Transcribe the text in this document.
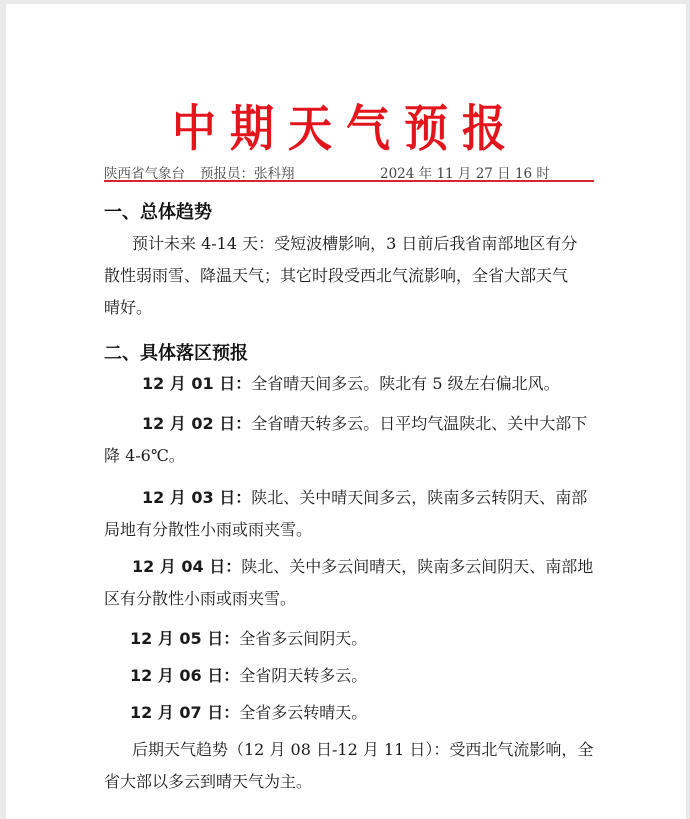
中期天气预报
陕西省气象台 预报员：张科翔	2024 年 11 月 27 日 16 时
一、总体趋势
预计未来 4-14 天：受短波槽影响，3 日前后我省南部地区有分
散性弱雨雪、降温天气；其它时段受西北气流影响，全省大部天气
晴好。
二、具体落区预报
12 月 01 日：全省晴天间多云。陕北有 5 级左右偏北风。
12 月 02 日：全省晴天转多云。日平均气温陕北、关中大部下
降 4-6℃。
12 月 03 日：陕北、关中晴天间多云，陕南多云转阴天、南部
局地有分散性小雨或雨夹雪。
12 月 04 日：陕北、关中多云间晴天，陕南多云间阴天、南部地
区有分散性小雨或雨夹雪。
12 月 05 日：全省多云间阴天。
12 月 06 日：全省阴天转多云。
12 月 07 日：全省多云转晴天。
后期天气趋势（12 月 08 日-12 月 11 日）：受西北气流影响，全
省大部以多云到晴天气为主。
